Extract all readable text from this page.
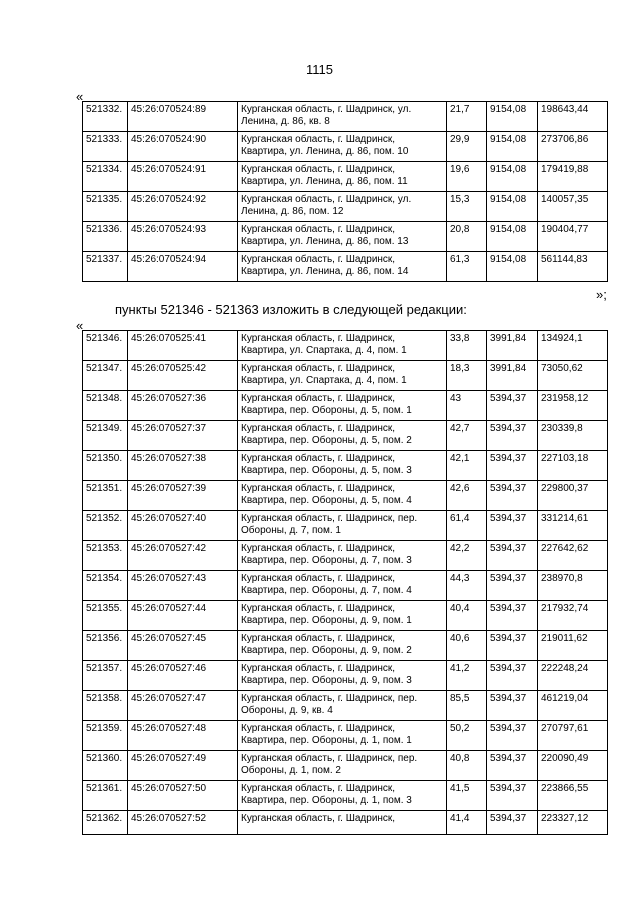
1115
«
521332.	45:26:070524:89	Курганская область, г. Шадринск, ул. Ленина, д. 86, кв. 8	21,7	9154,08	198643,44
521333.	45:26:070524:90	Курганская область, г. Шадринск, Квартира, ул. Ленина, д. 86, пом. 10	29,9	9154,08	273706,86
521334.	45:26:070524:91	Курганская область, г. Шадринск, Квартира, ул. Ленина, д. 86, пом. 11	19,6	9154,08	179419,88
521335.	45:26:070524:92	Курганская область, г. Шадринск, ул. Ленина, д. 86, пом. 12	15,3	9154,08	140057,35
521336.	45:26:070524:93	Курганская область, г. Шадринск, Квартира, ул. Ленина, д. 86, пом. 13	20,8	9154,08	190404,77
521337.	45:26:070524:94	Курганская область, г. Шадринск, Квартира, ул. Ленина, д. 86, пом. 14	61,3	9154,08	561144,83
»;
пункты 521346 - 521363 изложить в следующей редакции:
«
521346.	45:26:070525:41	Курганская область, г. Шадринск, Квартира, ул. Спартака, д. 4, пом. 1	33,8	3991,84	134924,1
521347.	45:26:070525:42	Курганская область, г. Шадринск, Квартира, ул. Спартака, д. 4, пом. 1	18,3	3991,84	73050,62
521348.	45:26:070527:36	Курганская область, г. Шадринск, Квартира, пер. Обороны, д. 5, пом. 1	43	5394,37	231958,12
521349.	45:26:070527:37	Курганская область, г. Шадринск, Квартира, пер. Обороны, д. 5, пом. 2	42,7	5394,37	230339,8
521350.	45:26:070527:38	Курганская область, г. Шадринск, Квартира, пер. Обороны, д. 5, пом. 3	42,1	5394,37	227103,18
521351.	45:26:070527:39	Курганская область, г. Шадринск, Квартира, пер. Обороны, д. 5, пом. 4	42,6	5394,37	229800,37
521352.	45:26:070527:40	Курганская область, г. Шадринск, пер. Обороны, д. 7, пом. 1	61,4	5394,37	331214,61
521353.	45:26:070527:42	Курганская область, г. Шадринск, Квартира, пер. Обороны, д. 7, пом. 3	42,2	5394,37	227642,62
521354.	45:26:070527:43	Курганская область, г. Шадринск, Квартира, пер. Обороны, д. 7, пом. 4	44,3	5394,37	238970,8
521355.	45:26:070527:44	Курганская область, г. Шадринск, Квартира, пер. Обороны, д. 9, пом. 1	40,4	5394,37	217932,74
521356.	45:26:070527:45	Курганская область, г. Шадринск, Квартира, пер. Обороны, д. 9, пом. 2	40,6	5394,37	219011,62
521357.	45:26:070527:46	Курганская область, г. Шадринск, Квартира, пер. Обороны, д. 9, пом. 3	41,2	5394,37	222248,24
521358.	45:26:070527:47	Курганская область, г. Шадринск, пер. Обороны, д. 9, кв. 4	85,5	5394,37	461219,04
521359.	45:26:070527:48	Курганская область, г. Шадринск, Квартира, пер. Обороны, д. 1, пом. 1	50,2	5394,37	270797,61
521360.	45:26:070527:49	Курганская область, г. Шадринск, пер. Обороны, д. 1, пом. 2	40,8	5394,37	220090,49
521361.	45:26:070527:50	Курганская область, г. Шадринск, Квартира, пер. Обороны, д. 1, пом. 3	41,5	5394,37	223866,55
521362.	45:26:070527:52	Курганская область, г. Шадринск,	41,4	5394,37	223327,12
